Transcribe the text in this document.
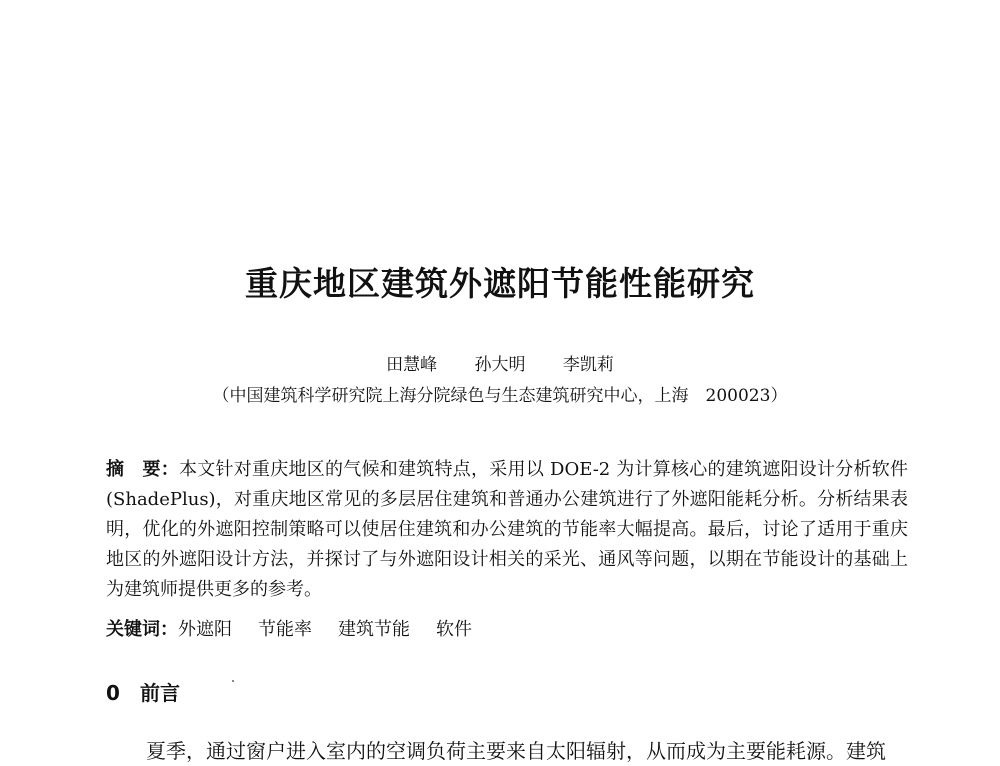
重庆地区建筑外遮阳节能性能研究
田慧峰 孙大明 李凯莉
（中国建筑科学研究院上海分院绿色与生态建筑研究中心，上海　200023）
摘　要：本文针对重庆地区的气候和建筑特点，采用以 DOE-2 为计算核心的建筑遮阳设计分析软件(ShadePlus)，对重庆地区常见的多层居住建筑和普通办公建筑进行了外遮阳能耗分析。分析结果表明，优化的外遮阳控制策略可以使居住建筑和办公建筑的节能率大幅提高。最后，讨论了适用于重庆地区的外遮阳设计方法，并探讨了与外遮阳设计相关的采光、通风等问题，以期在节能设计的基础上为建筑师提供更多的参考。
关键词：外遮阳 节能率 建筑节能 软件
0 前言
夏季，通过窗户进入室内的空调负荷主要来自太阳辐射，从而成为主要能耗源。建筑
